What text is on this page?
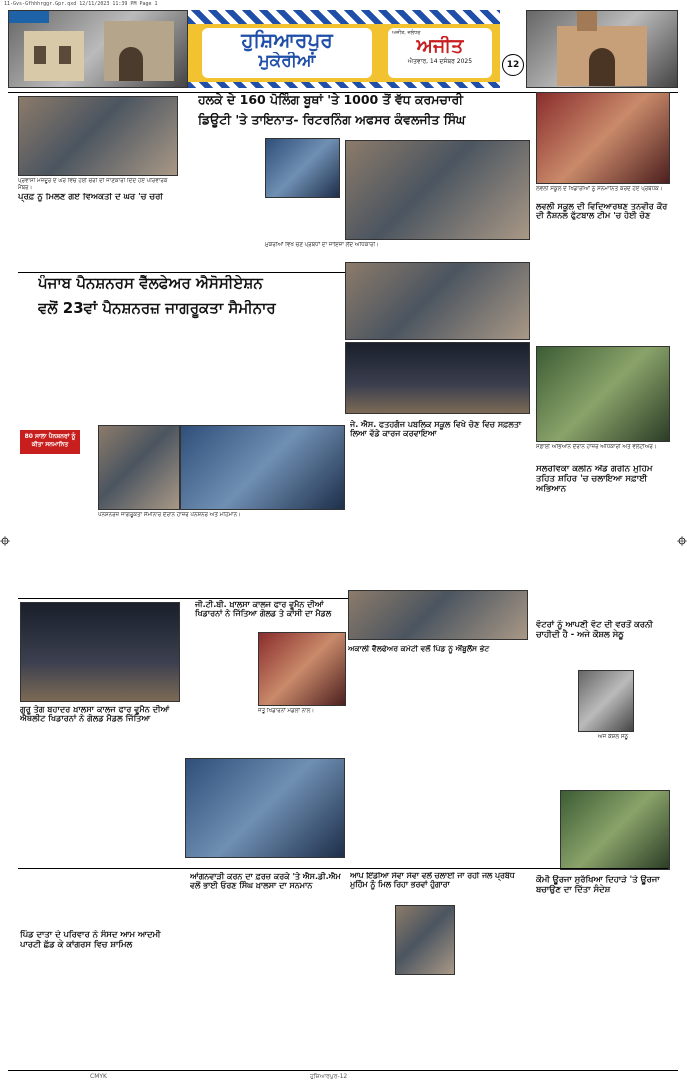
11-Gvs-Gfhhhrggr.Gpr.qxd 12/11/2023 11:39 PM Page 1
ਹੁਸ਼ਿਆਰਪੁਰ
ਮੁਕੇਰੀਆਂ
ਅਜੀਤ, ਜਲੰਧਰ
ਅਜੀਤ
ਐਤਵਾਰ, 14 ਦਸੰਬਰ 2025	12
ਪ੍ਰਵਾਸੀ ਮਜ਼ਦੂਰ ਦੇ ਘਰ ਵਿਚ ਹੋਈ ਚੋਰੀ ਦੀ ਜਾਣਕਾਰੀ ਦਿੰਦੇ ਹੋਏ ਪਰਿਵਾਰਕ ਮੈਂਬਰ।
ਪ੍ਰੋਫ਼ ਨੂੰ ਮਿਲਣ ਗਏ ਵਿਅਕਤੀ ਦੇ ਘਰ 'ਚ ਚੋਰੀ
ਹਲਕੇ ਦੇ 160 ਪੋਲਿੰਗ ਬੂਥਾਂ 'ਤੇ 1000 ਤੋਂ ਵੱਧ ਕਰਮਚਾਰੀ
ਡਿਊਟੀ 'ਤੇ ਤਾਇਨਾਤ- ਰਿਟਰਨਿੰਗ ਅਫਸਰ ਕੰਵਲਜੀਤ ਸਿੰਘ
ਮੁਕੇਰੀਆਂ ਵਿਖੇ ਚੋਣ ਪ੍ਰਬੰਧਾਂ ਦਾ ਜਾਇਜ਼ਾ ਲੈਂਦੇ ਅਧਿਕਾਰੀ।
ਲਵਲੀ ਸਕੂਲ ਦੇ ਖਿਡਾਰੀਆਂ ਨੂੰ ਸਨਮਾਨਿਤ ਕਰਦੇ ਹੋਏ ਪ੍ਰਬੰਧਕ।
ਲਵਲੀ ਸਕੂਲ ਦੀ ਵਿਦਿਆਰਥਣ ਤਨਵੀਰ ਕੌਰ ਦੀ ਨੈਸ਼ਨਲ ਫੁੱਟਬਾਲ ਟੀਮ 'ਚ ਹੋਈ ਚੋਣ
ਪੰਜਾਬ ਪੈਨਸ਼ਨਰਸ ਵੈੱਲਫੇਅਰ ਐਸੋਸੀਏਸ਼ਨ
ਵਲੋਂ 23ਵਾਂ ਪੈਨਸ਼ਨਰਜ਼ ਜਾਗਰੂਕਤਾ ਸੈਮੀਨਾਰ
80 ਸਾਲਾ ਪੈਨਸ਼ਨਰਾਂ ਨੂੰ ਕੀਤਾ ਸਨਮਾਨਿਤ
ਪੈਨਸ਼ਨਰਜ਼ ਜਾਗਰੂਕਤਾ ਸੈਮੀਨਾਰ ਦੌਰਾਨ ਹਾਜ਼ਰ ਪੈਨਸ਼ਨਰ ਅਤੇ ਮਹਿਮਾਨ।
ਜੇ. ਐਸ. ਫਤਹਗੰਜ ਪਬਲਿਕ ਸਕੂਲ ਵਿਖੇ ਚੋਣ ਵਿਚ ਸਫ਼ਲਤਾ ਲਿਆ ਵੱਡੇ ਕਾਰਜ ਕਰਵਾਇਆ
ਸਫ਼ਾਈ ਅਭਿਆਨ ਦੌਰਾਨ ਹਾਜ਼ਰ ਅਧਿਕਾਰੀ ਅਤੇ ਵਲੰਟੀਅਰ।
ਸੋਲਰਵਿਕਾ ਕਲੀਨ ਐਂਡ ਗਰੀਨ ਮੁਹਿੰਮ ਤਹਿਤ ਸ਼ਹਿਰ 'ਚ ਚਲਾਇਆ ਸਫ਼ਾਈ ਅਭਿਆਨ
ਗੁਰੂ ਤੇਗ ਬਹਾਦਰ ਖ਼ਾਲਸਾ ਕਾਲਜ ਫਾਰ ਵੂਮੈਨ ਦੀਆਂ ਐਥਲੀਟ ਖਿਡਾਰਨਾਂ ਨੇ ਗੋਲਡ ਮੈਡਲ ਜਿੱਤਿਆ
ਜੀ.ਟੀ.ਬੀ. ਖ਼ਾਲਸਾ ਕਾਲਜ ਫਾਰ ਵੂਮੈਨ ਦੀਆਂ ਖਿਡਾਰਨਾਂ ਨੇ ਜਿੱਤਿਆ ਗੋਲਡ ਤੇ ਕਾਂਸੀ ਦਾ ਮੈਡਲ
ਜੇਤੂ ਖਿਡਾਰਨਾਂ ਮੈਡਲਾਂ ਨਾਲ।
ਅਕਾਲੀ ਵੈੱਲਫੇਅਰ ਕਮੇਟੀ ਵਲੋਂ ਪਿੰਡ ਨੂੰ ਐਂਬੂਲੈਂਸ ਭੇਟ
ਵੋਟਰਾਂ ਨੂੰ ਆਪਣੀ ਵੋਟ ਦੀ ਵਰਤੋਂ ਕਰਨੀ ਚਾਹੀਦੀ ਹੈ - ਅਜੇ ਕੌਸ਼ਲ ਸੇਠੂ
ਅਜੇ ਕੌਸ਼ਲ ਸੇਠੂ
ਪਿੰਡ ਦਾਤਾ ਦੇ ਪਰਿਵਾਰ ਨੇ ਸੰਸਦ ਆਮ ਆਦਮੀ ਪਾਰਟੀ ਛੱਡ ਕੇ ਕਾਂਗਰਸ ਵਿਚ ਸ਼ਾਮਿਲ
ਆਂਗਨਵਾੜੀ ਕਰਨ ਦਾ ਫ਼ਰਜ਼ ਕਰਕੇ 'ਤੇ ਐਸ.ਡੀ.ਐਮ ਵਲੋਂ ਭਾਈ ਓਰਣ ਸਿੰਘ ਖ਼ਾਲਸਾ ਦਾ ਸਨਮਾਨ
ਆਪ ਇੰਡੀਆ ਸੇਵਾ ਸੇਵਾ ਵਲੋਂ ਚਲਾਈ ਜਾ ਰਹੀ ਜਲ ਪ੍ਰਬੰਧ ਮੁਹਿੰਮ ਨੂੰ ਮਿਲ ਰਿਹਾ ਭਰਵਾਂ ਹੁੰਗਾਰਾ
ਕੌਮੀ ਊਰਜਾ ਸੁਰੱਖਿਆ ਦਿਹਾੜੇ 'ਤੇ ਊਰਜਾ ਬਚਾਉਣ ਦਾ ਦਿੱਤਾ ਸੰਦੇਸ਼
CMYK	ਹੁਸ਼ਿਆਰਪੁਰ-12
